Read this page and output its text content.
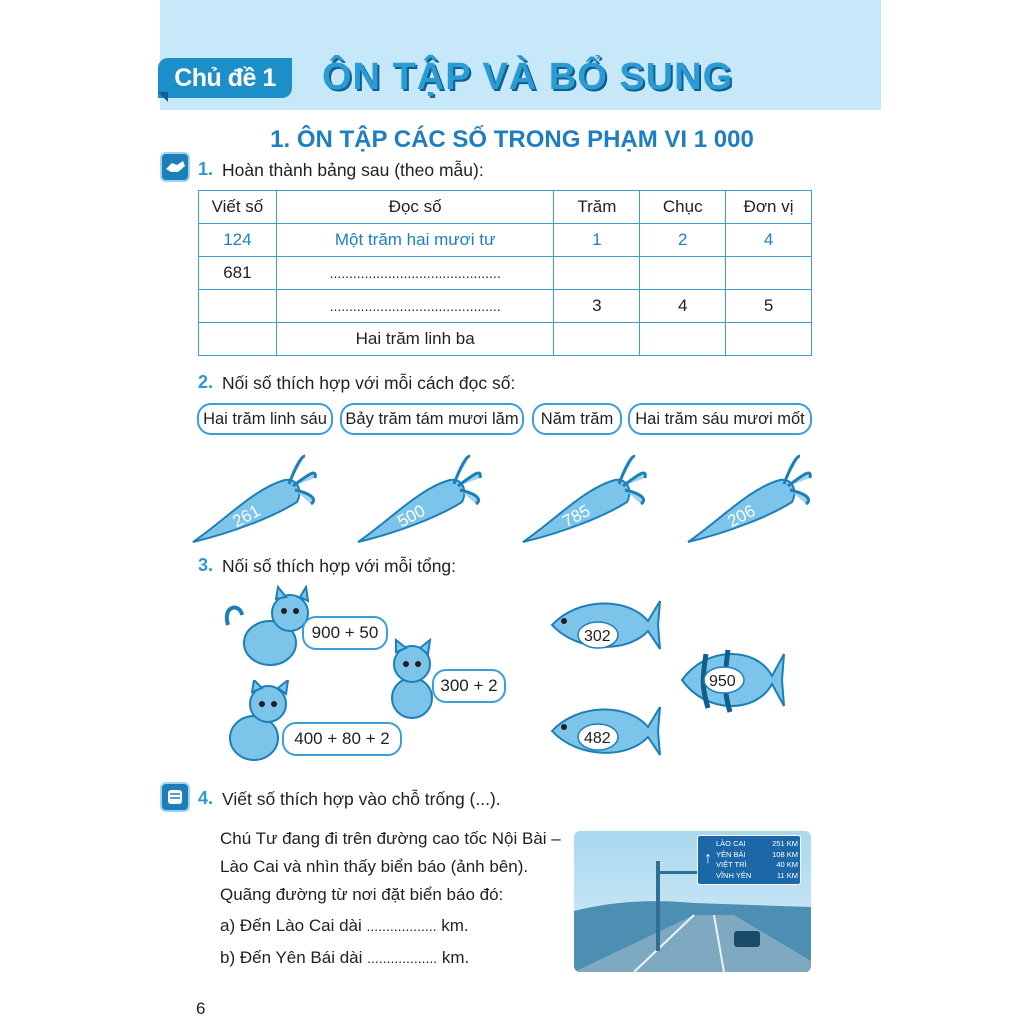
Chủ đề 1	ÔN TẬP VÀ BỔ SUNG
1. ÔN TẬP CÁC SỐ TRONG PHẠM VI 1 000
1. Hoàn thành bảng sau (theo mẫu):
Viết số	Đọc số	Trăm	Chục	Đơn vị
124	Một trăm hai mươi tư	1	2	4
681	............................................			
	............................................	3	4	5
	Hai trăm linh ba			
2. Nối số thích hợp với mỗi cách đọc số:
Hai trăm linh sáu	Bảy trăm tám mươi lăm	Năm trăm	Hai trăm sáu mươi mốt
261	500	785	206
3. Nối số thích hợp với mỗi tổng:
900 + 50
300 + 2
400 + 80 + 2
302
950
482
4. Viết số thích hợp vào chỗ trống (...).
Chú Tư đang đi trên đường cao tốc Nội Bài –
Lào Cai và nhìn thấy biển báo (ảnh bên).
Quãng đường từ nơi đặt biển báo đó:
a) Đến Lào Cai dài .................. km.
b) Đến Yên Bái dài .................. km.
↑
LÀO CAI	251 KM
YÊN BÁI	108 KM
VIỆT TRÌ	40 KM
VĨNH YÊN	11 KM
6
